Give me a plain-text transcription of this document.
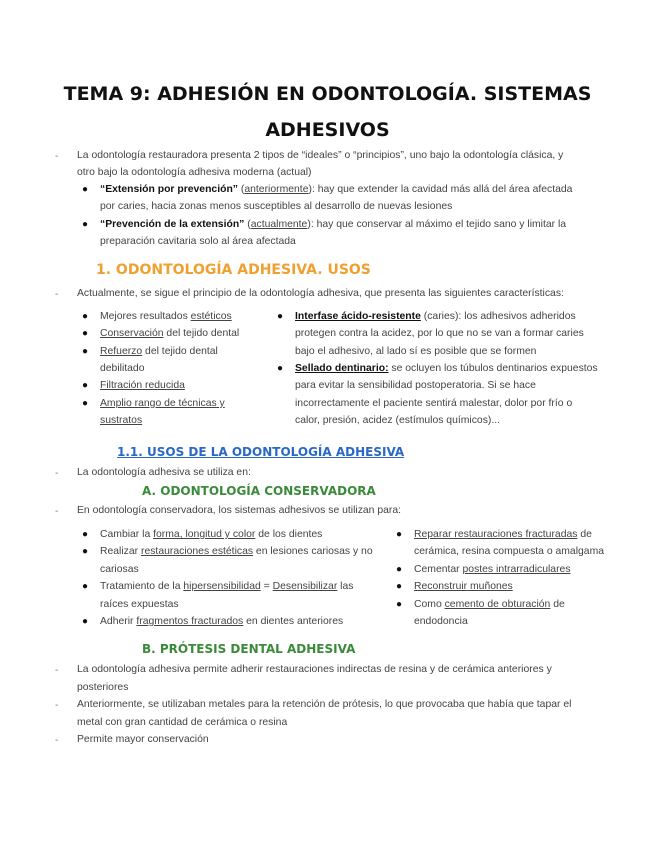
TEMA 9: ADHESIÓN EN ODONTOLOGÍA. SISTEMAS
ADHESIVOS
- La odontología restauradora presenta 2 tipos de “ideales” o “principios”, uno bajo la odontología clásica, y
otro bajo la odontología adhesiva moderna (actual)
● “Extensión por prevención” (anteriormente): hay que extender la cavidad más allá del área afectada
por caries, hacia zonas menos susceptibles al desarrollo de nuevas lesiones
● “Prevención de la extensión” (actualmente): hay que conservar al máximo el tejido sano y limitar la
preparación cavitaria solo al área afectada
1. ODONTOLOGÍA ADHESIVA. USOS
- Actualmente, se sigue el principio de la odontología adhesiva, que presenta las siguientes características:
● Mejores resultados estéticos
● Conservación del tejido dental
● Refuerzo del tejido dental
debilitado
● Filtración reducida
● Amplio rango de técnicas y
sustratos
● Interfase ácido-resistente (caries): los adhesivos adheridos
protegen contra la acidez, por lo que no se van a formar caries
bajo el adhesivo, al lado sí es posible que se formen
● Sellado dentinario: se ocluyen los túbulos dentinarios expuestos
para evitar la sensibilidad postoperatoria. Si se hace
incorrectamente el paciente sentirá malestar, dolor por frío o
calor, presión, acidez (estímulos químicos)...
1.1. USOS DE LA ODONTOLOGÍA ADHESIVA
- La odontología adhesiva se utiliza en:
A. ODONTOLOGÍA CONSERVADORA
- En odontología conservadora, los sistemas adhesivos se utilizan para:
● Cambiar la forma, longitud y color de los dientes
● Realizar restauraciones estéticas en lesiones cariosas y no
cariosas
● Tratamiento de la hipersensibilidad = Desensibilizar las
raíces expuestas
● Adherir fragmentos fracturados en dientes anteriores
● Reparar restauraciones fracturadas de
cerámica, resina compuesta o amalgama
● Cementar postes intrarradiculares
● Reconstruir muñones
● Como cemento de obturación de
endodoncia
B. PRÓTESIS DENTAL ADHESIVA
- La odontología adhesiva permite adherir restauraciones indirectas de resina y de cerámica anteriores y
posteriores
- Anteriormente, se utilizaban metales para la retención de prótesis, lo que provocaba que había que tapar el
metal con gran cantidad de cerámica o resina
- Permite mayor conservación
